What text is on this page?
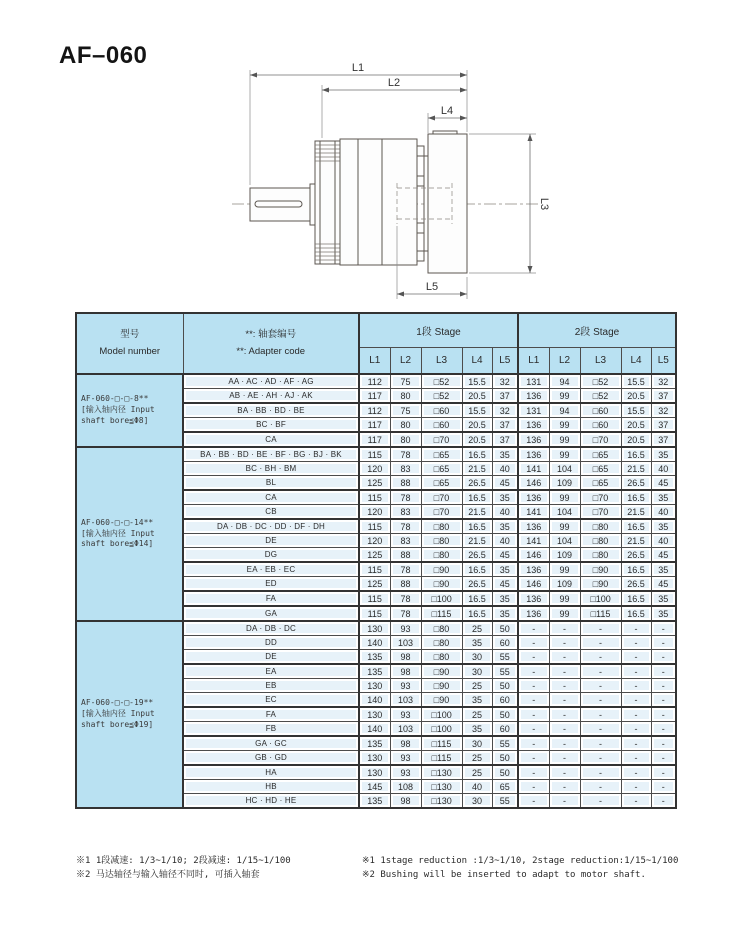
AF–060	L1
L2
L4
L3
L5
型号
Model number

**: 轴套编号
**: Adapter code
	1段 Stage	2段 Stage
		L1	L2	L3	L4	L5	L1	L2	L3	L4	L5

AF-060-□-□-8**
[输入轴内径 Input
shaft bore≦Φ8]	AA · AC · AD · AF · AG	112	75	□52	15.5	32	131	94	□52	15.5	32
	AB · AE · AH · AJ · AK	117	80	□52	20.5	37	136	99	□52	20.5	37
	BA · BB · BD · BE	112	75	□60	15.5	32	131	94	□60	15.5	32
	BC · BF	117	80	□60	20.5	37	136	99	□60	20.5	37
	CA	117	80	□70	20.5	37	136	99	□70	20.5	37

AF-060-□-□-14**
[输入轴内径 Input
shaft bore≦Φ14]	BA · BB · BD · BE · BF · BG · BJ · BK	115	78	□65	16.5	35	136	99	□65	16.5	35
	BC · BH · BM	120	83	□65	21.5	40	141	104	□65	21.5	40
	BL	125	88	□65	26.5	45	146	109	□65	26.5	45
	CA	115	78	□70	16.5	35	136	99	□70	16.5	35
	CB	120	83	□70	21.5	40	141	104	□70	21.5	40
	DA · DB · DC · DD · DF · DH	115	78	□80	16.5	35	136	99	□80	16.5	35
	DE	120	83	□80	21.5	40	141	104	□80	21.5	40
	DG	125	88	□80	26.5	45	146	109	□80	26.5	45
	EA · EB · EC	115	78	□90	16.5	35	136	99	□90	16.5	35
	ED	125	88	□90	26.5	45	146	109	□90	26.5	45
	FA	115	78	□100	16.5	35	136	99	□100	16.5	35
	GA	115	78	□115	16.5	35	136	99	□115	16.5	35

AF-060-□-□-19**
[输入轴内径 Input
shaft bore≦Φ19]	DA · DB · DC	130	93	□80	25	50	-	-	-	-	-
	DD	140	103	□80	35	60	-	-	-	-	-
	DE	135	98	□80	30	55	-	-	-	-	-
	EA	135	98	□90	30	55	-	-	-	-	-
	EB	130	93	□90	25	50	-	-	-	-	-
	EC	140	103	□90	35	60	-	-	-	-	-
	FA	130	93	□100	25	50	-	-	-	-	-
	FB	140	103	□100	35	60	-	-	-	-	-
	GA · GC	135	98	□115	30	55	-	-	-	-	-
	GB · GD	130	93	□115	25	50	-	-	-	-	-
	HA	130	93	□130	25	50	-	-	-	-	-
	HB	145	108	□130	40	65	-	-	-	-	-
	HC · HD · HE	135	98	□130	30	55	-	-	-	-	-
※1 1段减速: 1/3~1/10; 2段减速: 1/15~1/100
※2 马达轴径与输入轴径不同时, 可插入轴套
※1 1stage reduction :1/3~1/10, 2stage reduction:1/15~1/100
※2 Bushing will be inserted to adapt to motor shaft.
